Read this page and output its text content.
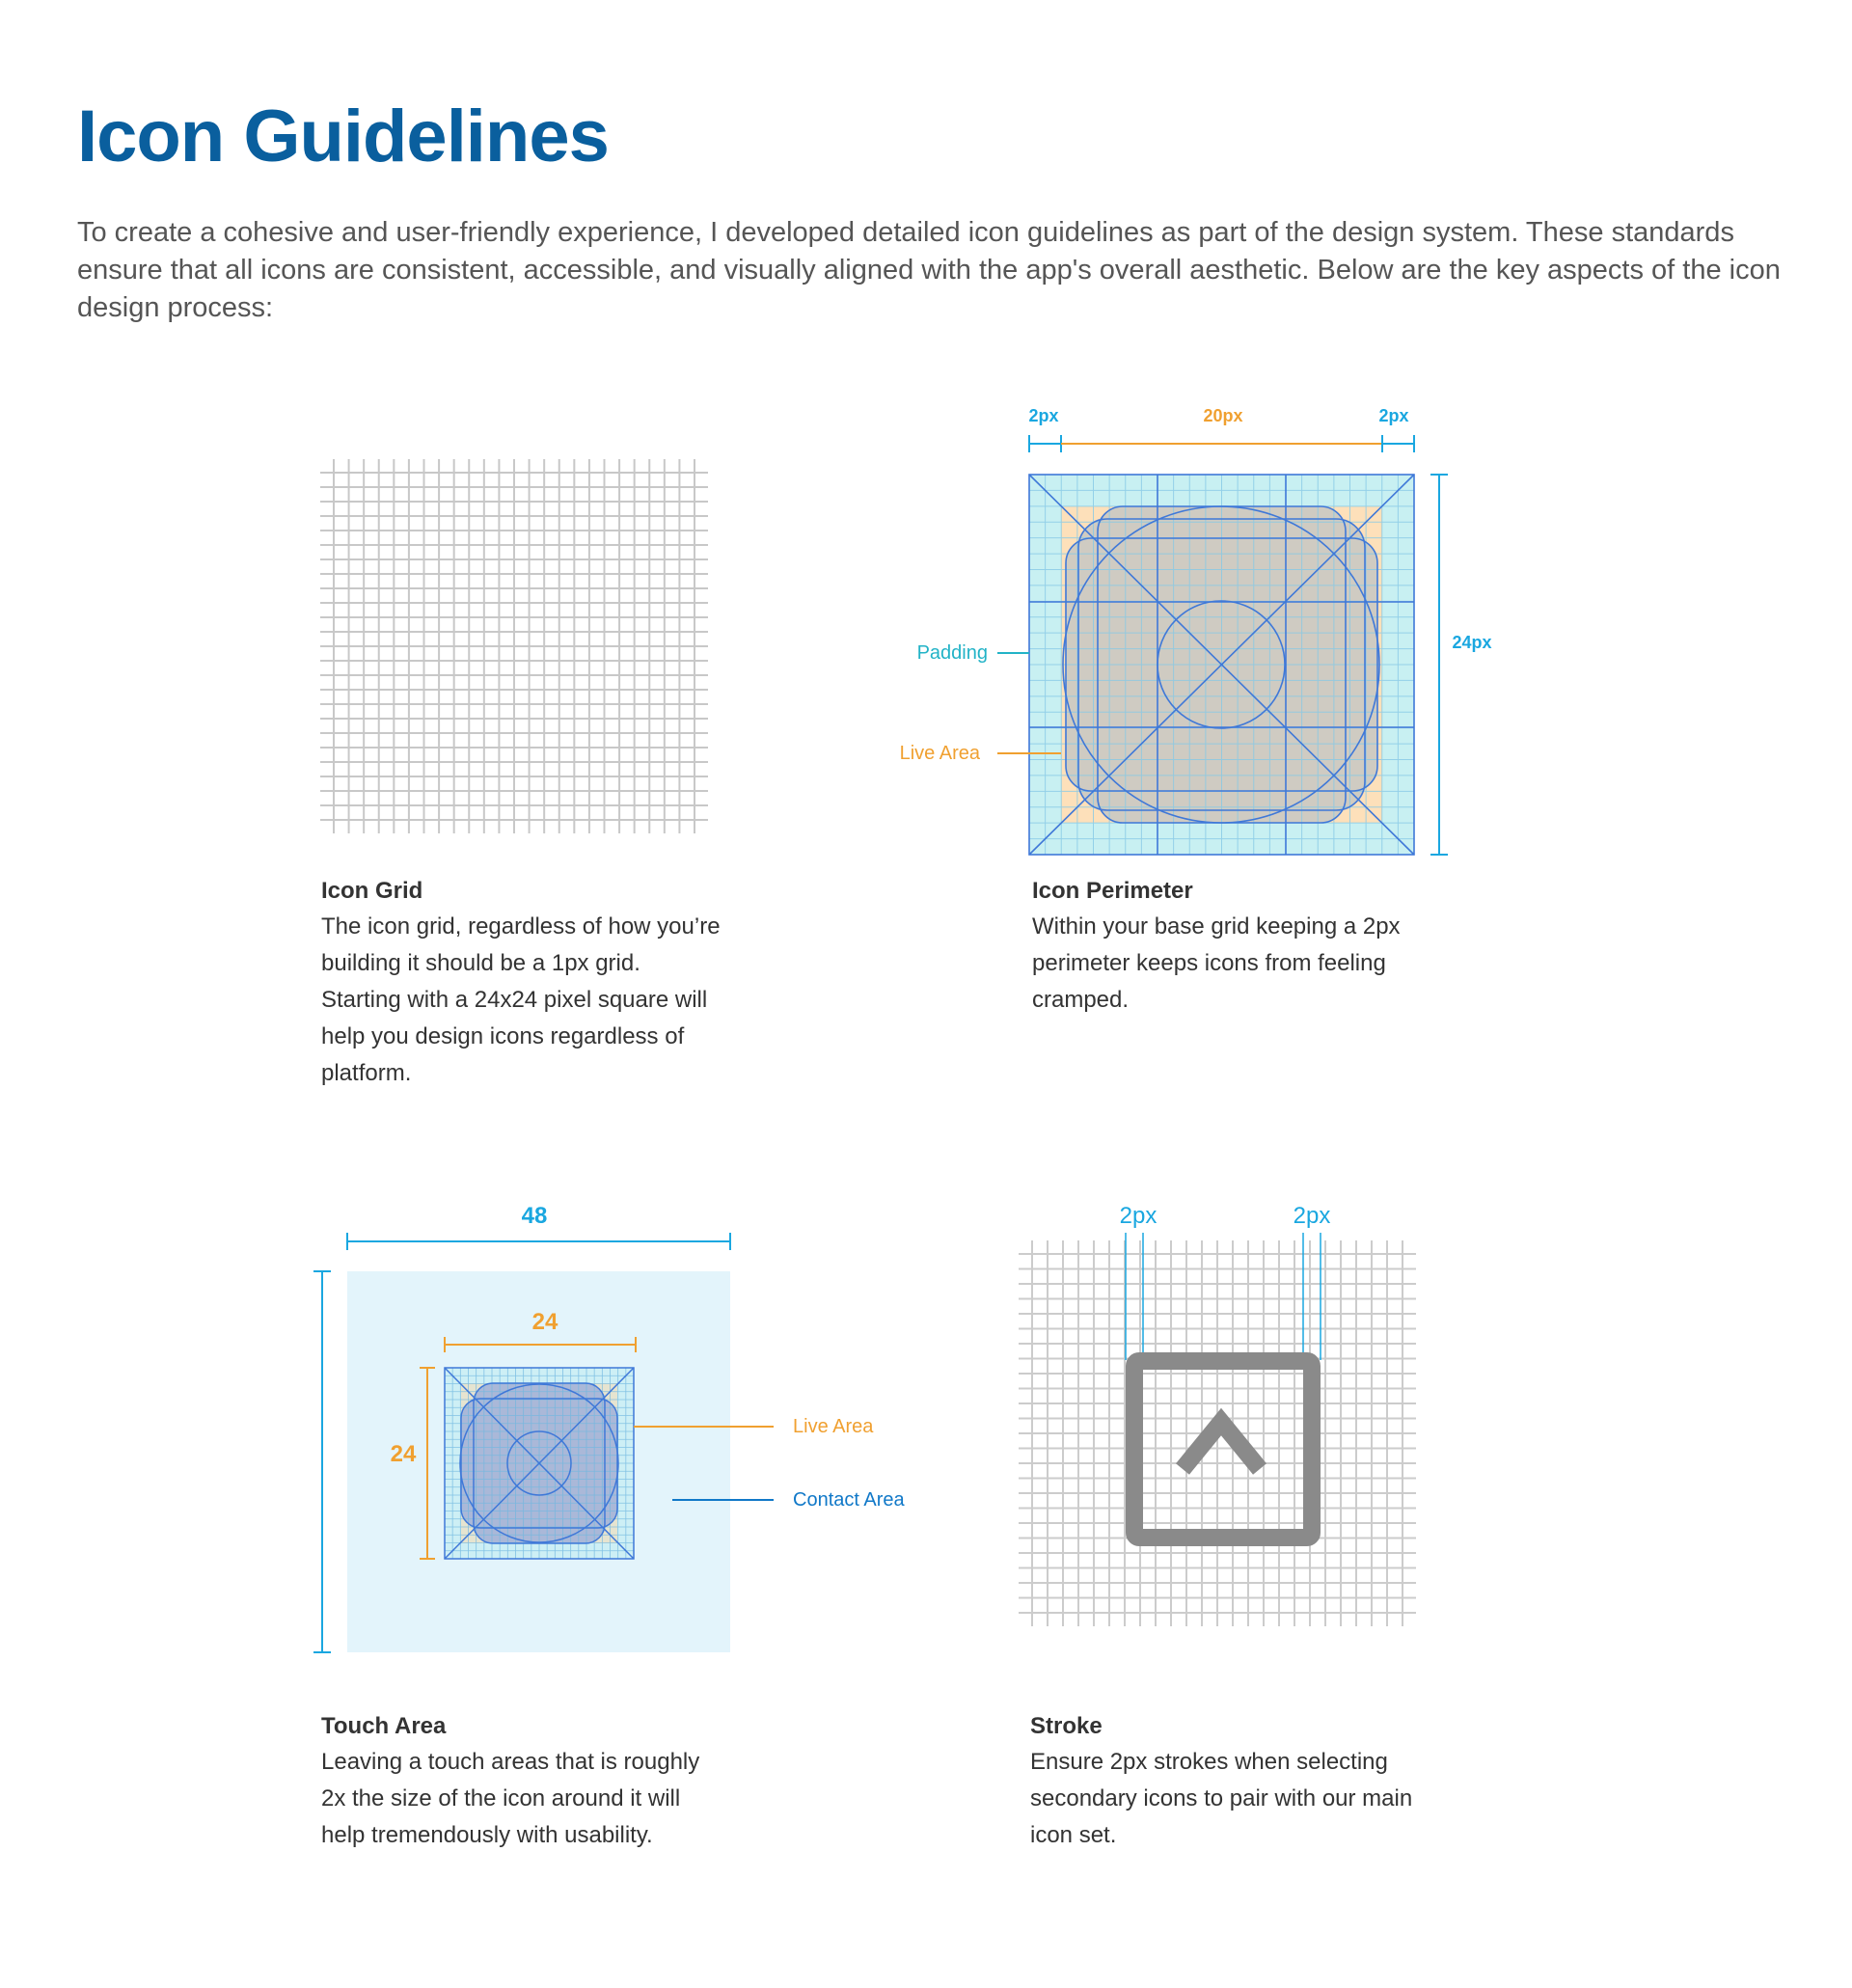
Icon Guidelines

To create a cohesive and user-friendly experience, I developed detailed icon guidelines as part of the design system. These standards ensure that all icons are consistent, accessible, and visually aligned with the app's overall aesthetic. Below are the key aspects of the icon design process:

Icon Grid

The icon grid, regardless of how you’re building it should be a 1px grid. Starting with a 24x24 pixel square will help you design icons regardless of platform.

2px	20px	2px
24px
Padding
Live Area

Icon Perimeter

Within your base grid keeping a 2px perimeter keeps icons from feeling cramped.

48
24
24
Live Area
Contact Area

Touch Area

Leaving a touch areas that is roughly 2x the size of the icon around it will help tremendously with usability.

2px	2px

Stroke

Ensure 2px strokes when selecting secondary icons to pair with our main icon set.
